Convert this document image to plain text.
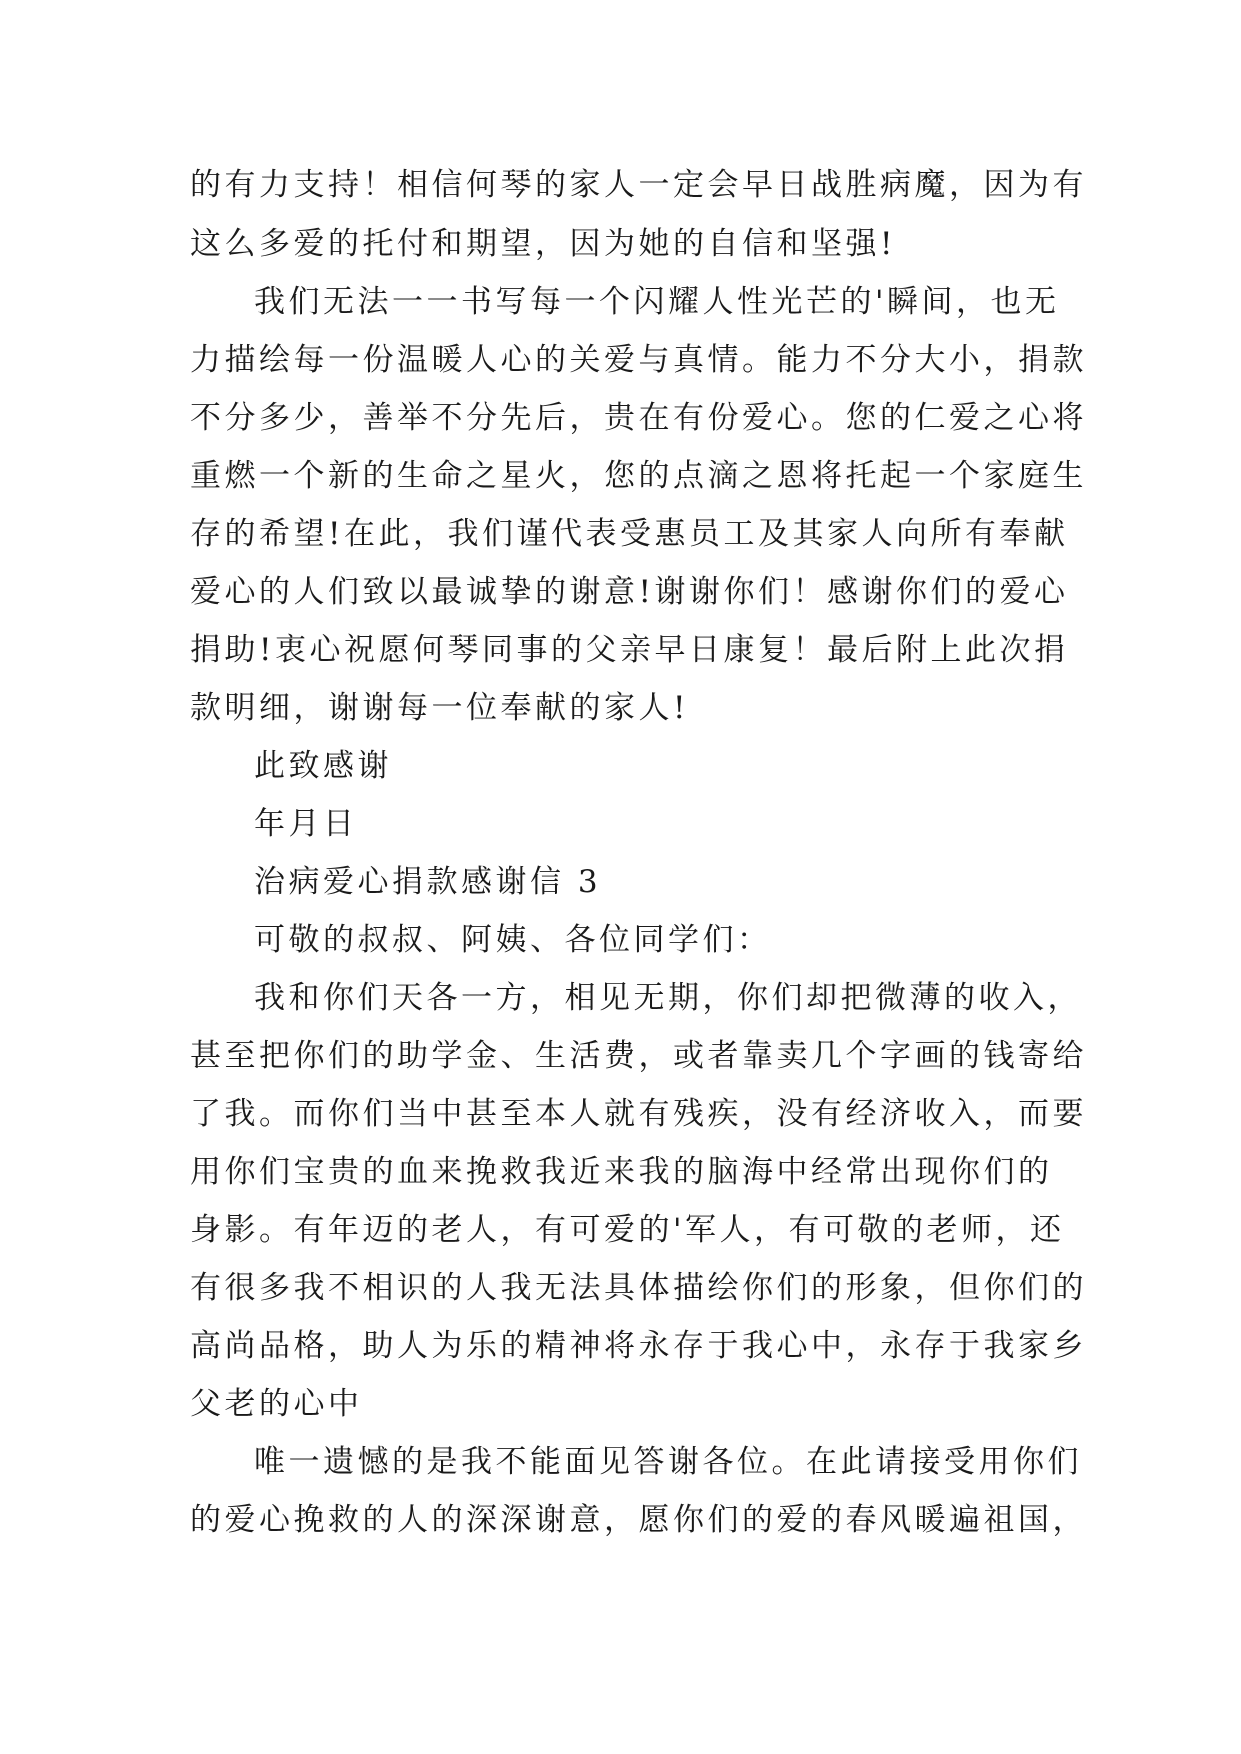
的有力支持！相信何琴的家人一定会早日战胜病魔，因为有
这么多爱的托付和期望，因为她的自信和坚强!
我们无法一一书写每一个闪耀人性光芒的'瞬间，也无
力描绘每一份温暖人心的关爱与真情。能力不分大小，捐款
不分多少，善举不分先后，贵在有份爱心。您的仁爱之心将
重燃一个新的生命之星火，您的点滴之恩将托起一个家庭生
存的希望!在此，我们谨代表受惠员工及其家人向所有奉献
爱心的人们致以最诚挚的谢意!谢谢你们！感谢你们的爱心
捐助!衷心祝愿何琴同事的父亲早日康复！最后附上此次捐
款明细，谢谢每一位奉献的家人!
此致感谢
年月日
治病爱心捐款感谢信 3
可敬的叔叔、阿姨、各位同学们：
我和你们天各一方，相见无期，你们却把微薄的收入，
甚至把你们的助学金、生活费，或者靠卖几个字画的钱寄给
了我。而你们当中甚至本人就有残疾，没有经济收入，而要
用你们宝贵的血来挽救我近来我的脑海中经常出现你们的
身影。有年迈的老人，有可爱的'军人，有可敬的老师，还
有很多我不相识的人我无法具体描绘你们的形象，但你们的
高尚品格，助人为乐的精神将永存于我心中，永存于我家乡
父老的心中
唯一遗憾的是我不能面见答谢各位。在此请接受用你们
的爱心挽救的人的深深谢意，愿你们的爱的春风暖遍祖国，
